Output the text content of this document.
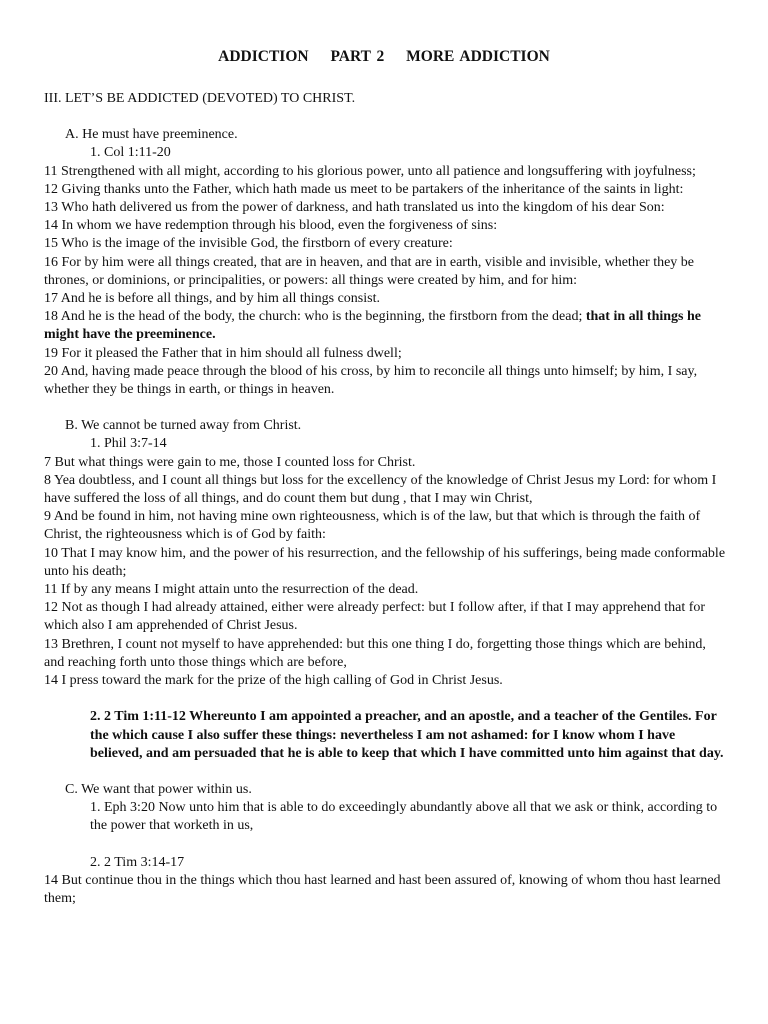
ADDICTION PART 2 MORE ADDICTION

III. LET’S BE ADDICTED (DEVOTED) TO CHRIST.

A. He must have preeminence.

1. Col 1:11-20

11 Strengthened with all might, according to his glorious power, unto all patience and longsuffering with joyfulness;

12 Giving thanks unto the Father, which hath made us meet to be partakers of the inheritance of the saints in light:

13 Who hath delivered us from the power of darkness, and hath translated us into the kingdom of his dear Son:

14 In whom we have redemption through his blood, even the forgiveness of sins:

15 Who is the image of the invisible God, the firstborn of every creature:

16 For by him were all things created, that are in heaven, and that are in earth, visible and invisible, whether they be thrones, or dominions, or principalities, or powers: all things were created by him, and for him:

17 And he is before all things, and by him all things consist.

18 And he is the head of the body, the church: who is the beginning, the firstborn from the dead; that in all things he might have the preeminence.

19 For it pleased the Father that in him should all fulness dwell;

20 And, having made peace through the blood of his cross, by him to reconcile all things unto himself; by him, I say, whether they be things in earth, or things in heaven.

B. We cannot be turned away from Christ.

1. Phil 3:7-14

7 But what things were gain to me, those I counted loss for Christ.

8 Yea doubtless, and I count all things but loss for the excellency of the knowledge of Christ Jesus my Lord: for whom I have suffered the loss of all things, and do count them but dung , that I may win Christ,

9 And be found in him, not having mine own righteousness, which is of the law, but that which is through the faith of Christ, the righteousness which is of God by faith:

10 That I may know him, and the power of his resurrection, and the fellowship of his sufferings, being made conformable unto his death;

11 If by any means I might attain unto the resurrection of the dead.

12 Not as though I had already attained, either were already perfect: but I follow after, if that I may apprehend that for which also I am apprehended of Christ Jesus.

13 Brethren, I count not myself to have apprehended: but this one thing I do, forgetting those things which are behind, and reaching forth unto those things which are before,

14 I press toward the mark for the prize of the high calling of God in Christ Jesus.

2. 2 Tim 1:11-12 Whereunto I am appointed a preacher, and an apostle, and a teacher of the Gentiles. For the which cause I also suffer these things: nevertheless I am not ashamed: for I know whom I have believed, and am persuaded that he is able to keep that which I have committed unto him against that day.

C. We want that power within us.

1. Eph 3:20 Now unto him that is able to do exceedingly abundantly above all that we ask or think, according to the power that worketh in us,

2. 2 Tim 3:14-17

14 But continue thou in the things which thou hast learned and hast been assured of, knowing of whom thou hast learned them;
